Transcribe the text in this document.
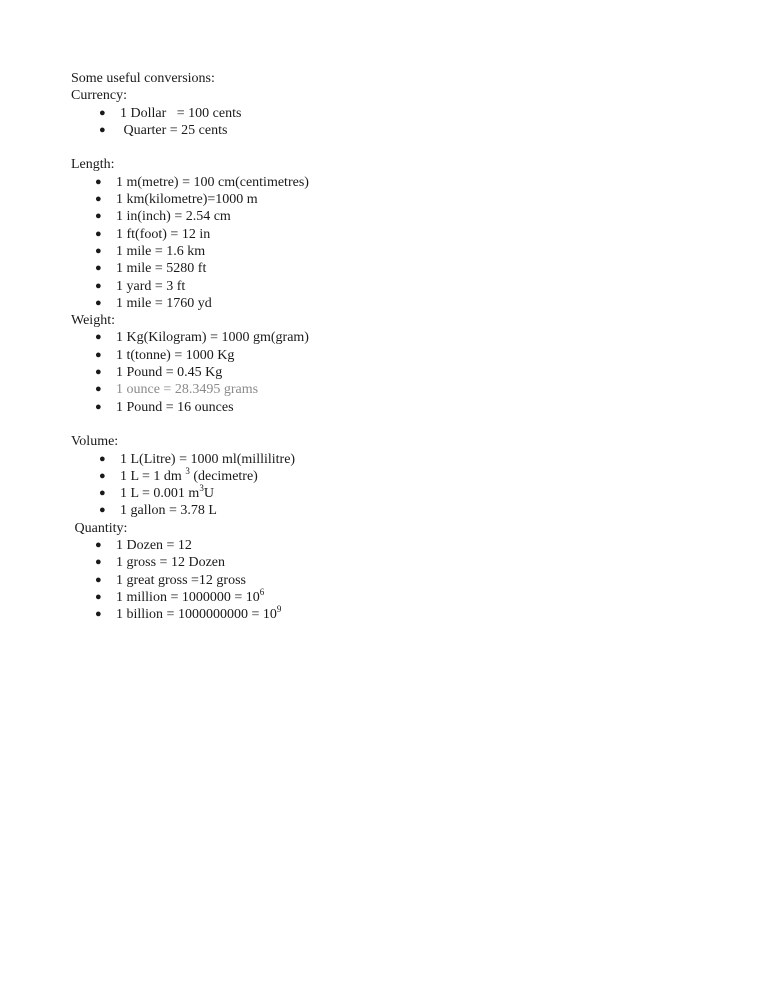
Some useful conversions:
Currency:
● 1 Dollar   = 100 cents
● Quarter = 25 cents
Length:
● 1 m(metre) = 100 cm(centimetres)
● 1 km(kilometre)=1000 m
● 1 in(inch) = 2.54 cm
● 1 ft(foot) = 12 in
● 1 mile = 1.6 km
● 1 mile = 5280 ft
● 1 yard = 3 ft
● 1 mile = 1760 yd
Weight:
● 1 Kg(Kilogram) = 1000 gm(gram)
● 1 t(tonne) = 1000 Kg
● 1 Pound = 0.45 Kg
● 1 ounce = 28.3495 grams
● 1 Pound = 16 ounces
Volume:
● 1 L(Litre) = 1000 ml(millilitre)
● 1 L = 1 dm $^3$ (decimetre)
● 1 L = 0.001 $m^3U$
● 1 gallon = 3.78 L
Quantity:
● 1 Dozen = 12
● 1 gross = 12 Dozen
● 1 great gross =12 gross
● 1 million = $1000000 = 10^6$
● 1 billion = $1000000000 = 10^9$
